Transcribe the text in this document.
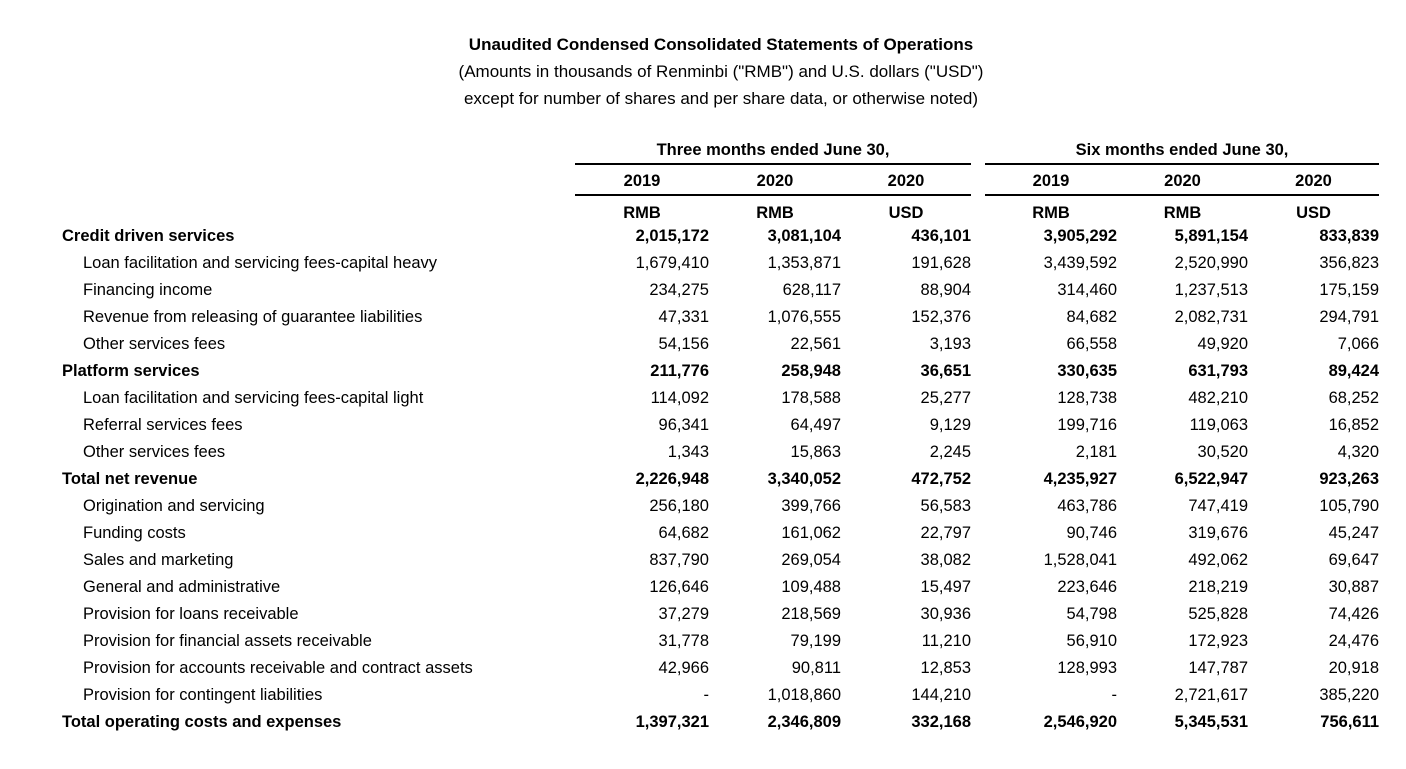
Unaudited Condensed Consolidated Statements of Operations
(Amounts in thousands of Renminbi ("RMB") and U.S. dollars ("USD")
except for number of shares and per share data, or otherwise noted)
	Three months ended June 30,				Six months ended June 30,		
	2019	2020	2020		2019	2020	2020
	RMB	RMB	USD		RMB	RMB	USD
Credit driven services	2,015,172	3,081,104	436,101		3,905,292	5,891,154	833,839
Loan facilitation and servicing fees-capital heavy	1,679,410	1,353,871	191,628		3,439,592	2,520,990	356,823
Financing income	234,275	628,117	88,904		314,460	1,237,513	175,159
Revenue from releasing of guarantee liabilities	47,331	1,076,555	152,376		84,682	2,082,731	294,791
Other services fees	54,156	22,561	3,193		66,558	49,920	7,066
Platform services	211,776	258,948	36,651		330,635	631,793	89,424
Loan facilitation and servicing fees-capital light	114,092	178,588	25,277		128,738	482,210	68,252
Referral services fees	96,341	64,497	9,129		199,716	119,063	16,852
Other services fees	1,343	15,863	2,245		2,181	30,520	4,320
Total net revenue	2,226,948	3,340,052	472,752		4,235,927	6,522,947	923,263
Origination and servicing	256,180	399,766	56,583		463,786	747,419	105,790
Funding costs	64,682	161,062	22,797		90,746	319,676	45,247
Sales and marketing	837,790	269,054	38,082		1,528,041	492,062	69,647
General and administrative	126,646	109,488	15,497		223,646	218,219	30,887
Provision for loans receivable	37,279	218,569	30,936		54,798	525,828	74,426
Provision for financial assets receivable	31,778	79,199	11,210		56,910	172,923	24,476
Provision for accounts receivable and contract assets	42,966	90,811	12,853		128,993	147,787	20,918
Provision for contingent liabilities	-	1,018,860	144,210		-	2,721,617	385,220
Total operating costs and expenses	1,397,321	2,346,809	332,168		2,546,920	5,345,531	756,611
